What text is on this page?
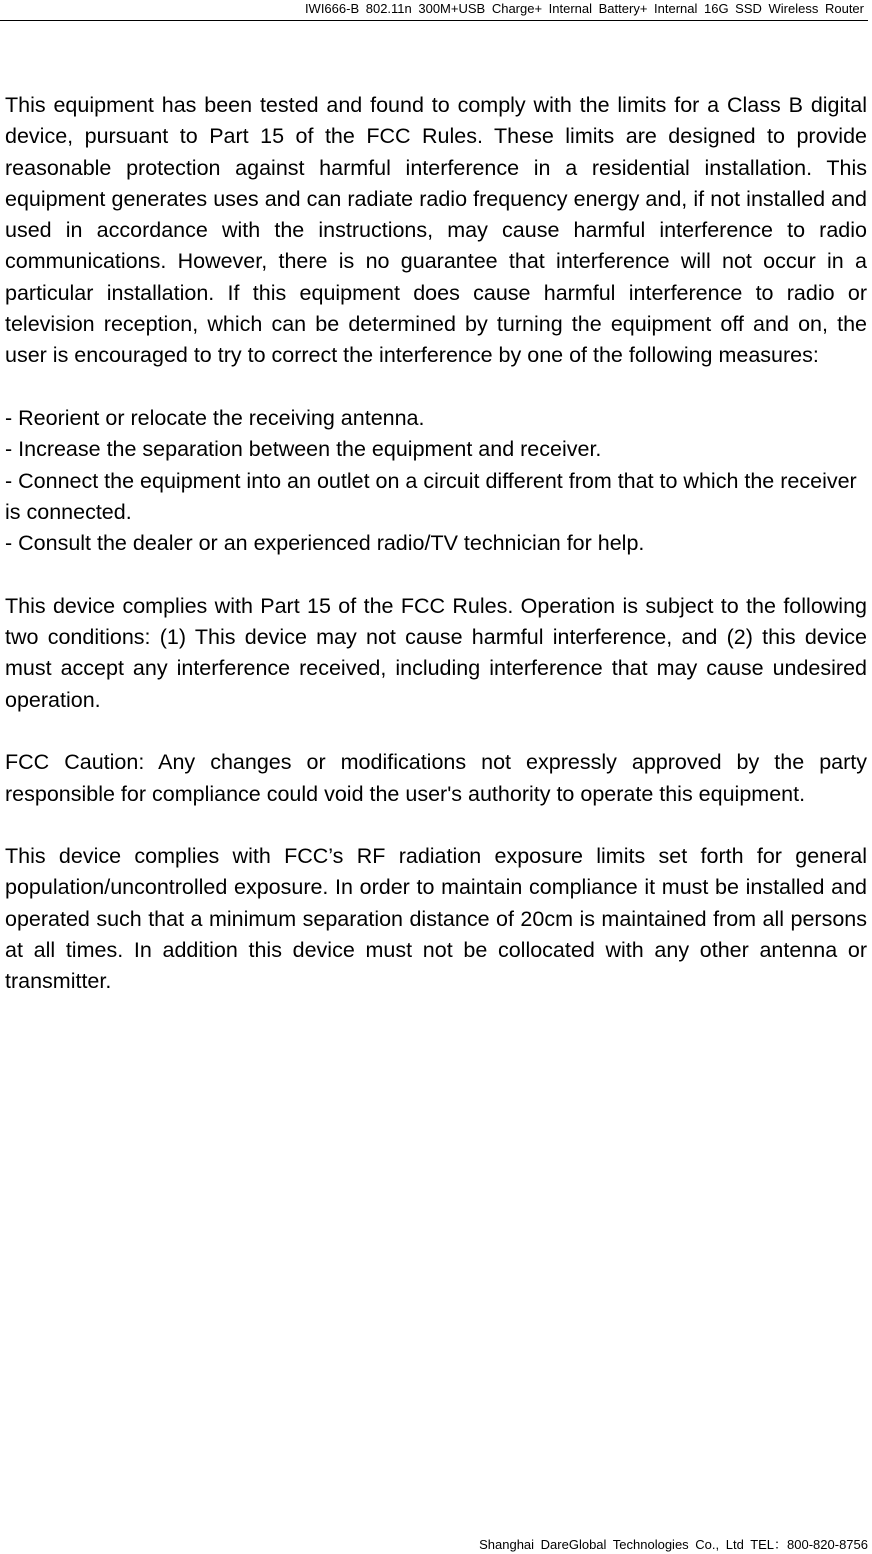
IWI666-B 802.11n 300M+USB Charge+ Internal Battery+ Internal 16G SSD Wireless Router

This equipment has been tested and found to comply with the limits for a Class B digital device, pursuant to Part 15 of the FCC Rules. These limits are designed to provide reasonable protection against harmful interference in a residential installation. This equipment generates uses and can radiate radio frequency energy and, if not installed and used in accordance with the instructions, may cause harmful interference to radio communications. However, there is no guarantee that interference will not occur in a particular installation. If this equipment does cause harmful interference to radio or television reception, which can be determined by turning the equipment off and on, the user is encouraged to try to correct the interference by one of the following measures:

- Reorient or relocate the receiving antenna.
- Increase the separation between the equipment and receiver.
- Connect the equipment into an outlet on a circuit different from that to which the receiver is connected.
- Consult the dealer or an experienced radio/TV technician for help.

This device complies with Part 15 of the FCC Rules. Operation is subject to the following two conditions: (1) This device may not cause harmful interference, and (2) this device must accept any interference received, including interference that may cause undesired operation.

FCC Caution: Any changes or modifications not expressly approved by the party responsible for compliance could void the user's authority to operate this equipment.

This device complies with FCC’s RF radiation exposure limits set forth for general population/uncontrolled exposure. In order to maintain compliance it must be installed and operated such that a minimum separation distance of 20cm is maintained from all persons at all times. In addition this device must not be collocated with any other antenna or transmitter.

Shanghai DareGlobal Technologies Co., Ltd TEL：800-820-8756
